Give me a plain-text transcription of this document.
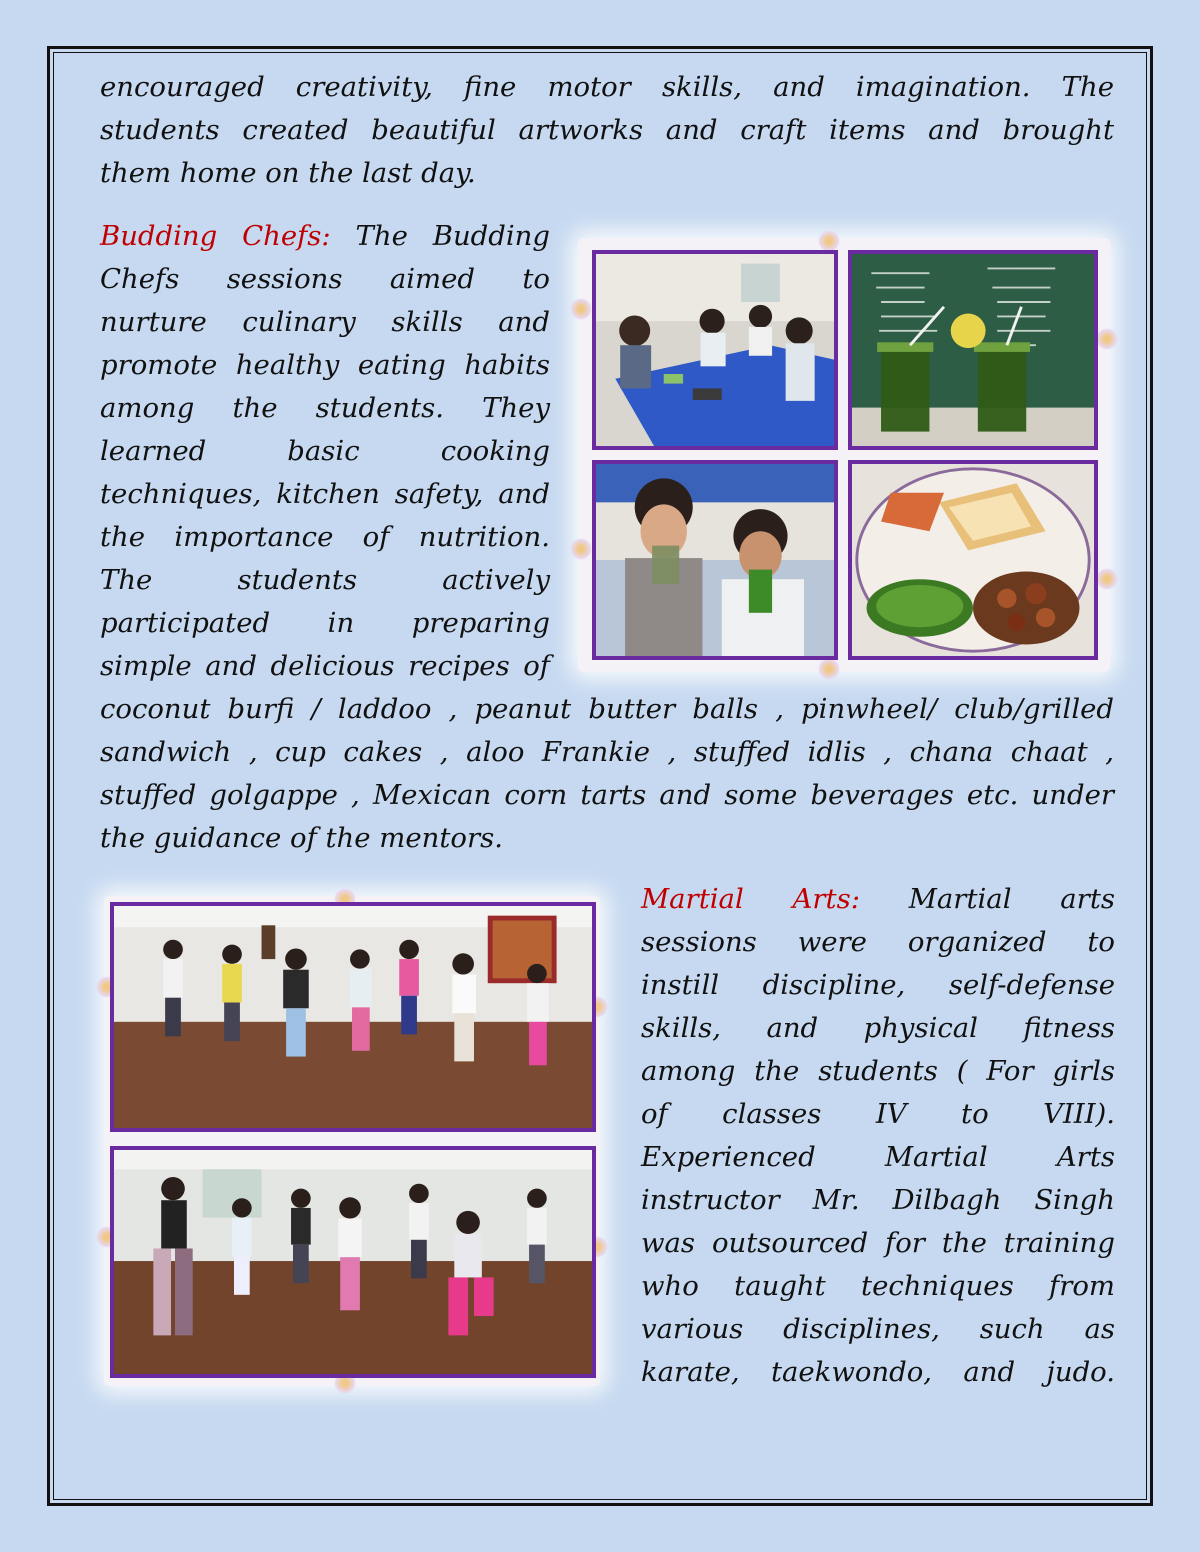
encouraged creativity, fine motor skills, and imagination. The
students created beautiful artworks and craft items and brought
them home on the last day.
Budding Chefs: The Budding
Chefs sessions aimed to
nurture culinary skills and
promote healthy eating habits
among the students. They
learned basic cooking
techniques, kitchen safety, and
the importance of nutrition.
The students actively
participated in preparing
simple and delicious recipes of
coconut burfi / laddoo , peanut butter balls , pinwheel/ club/grilled
sandwich , cup cakes , aloo Frankie , stuffed idlis , chana chaat ,
stuffed golgappe , Mexican corn tarts and some beverages etc. under
the guidance of the mentors.
Martial Arts: Martial arts
sessions were organized to
instill discipline, self-defense
skills, and physical fitness
among the students ( For girls
of classes IV to VIII).
Experienced Martial Arts
instructor Mr. Dilbagh Singh
was outsourced for the training
who taught techniques from
various disciplines, such as
karate, taekwondo, and judo.
